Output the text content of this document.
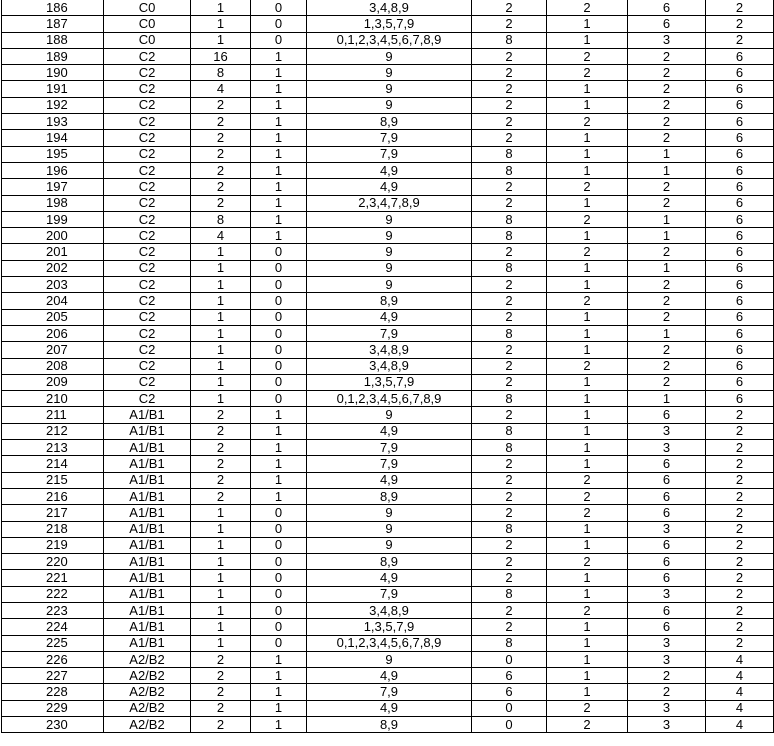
186	C0	1	0	3,4,8,9	2	2	6	2
187	C0	1	0	1,3,5,7,9	2	1	6	2
188	C0	1	0	0,1,2,3,4,5,6,7,8,9	8	1	3	2
189	C2	16	1	9	2	2	2	6
190	C2	8	1	9	2	2	2	6
191	C2	4	1	9	2	1	2	6
192	C2	2	1	9	2	1	2	6
193	C2	2	1	8,9	2	2	2	6
194	C2	2	1	7,9	2	1	2	6
195	C2	2	1	7,9	8	1	1	6
196	C2	2	1	4,9	8	1	1	6
197	C2	2	1	4,9	2	2	2	6
198	C2	2	1	2,3,4,7,8,9	2	1	2	6
199	C2	8	1	9	8	2	1	6
200	C2	4	1	9	8	1	1	6
201	C2	1	0	9	2	2	2	6
202	C2	1	0	9	8	1	1	6
203	C2	1	0	9	2	1	2	6
204	C2	1	0	8,9	2	2	2	6
205	C2	1	0	4,9	2	1	2	6
206	C2	1	0	7,9	8	1	1	6
207	C2	1	0	3,4,8,9	2	1	2	6
208	C2	1	0	3,4,8,9	2	2	2	6
209	C2	1	0	1,3,5,7,9	2	1	2	6
210	C2	1	0	0,1,2,3,4,5,6,7,8,9	8	1	1	6
211	A1/B1	2	1	9	2	1	6	2
212	A1/B1	2	1	4,9	8	1	3	2
213	A1/B1	2	1	7,9	8	1	3	2
214	A1/B1	2	1	7,9	2	1	6	2
215	A1/B1	2	1	4,9	2	2	6	2
216	A1/B1	2	1	8,9	2	2	6	2
217	A1/B1	1	0	9	2	2	6	2
218	A1/B1	1	0	9	8	1	3	2
219	A1/B1	1	0	9	2	1	6	2
220	A1/B1	1	0	8,9	2	2	6	2
221	A1/B1	1	0	4,9	2	1	6	2
222	A1/B1	1	0	7,9	8	1	3	2
223	A1/B1	1	0	3,4,8,9	2	2	6	2
224	A1/B1	1	0	1,3,5,7,9	2	1	6	2
225	A1/B1	1	0	0,1,2,3,4,5,6,7,8,9	8	1	3	2
226	A2/B2	2	1	9	0	1	3	4
227	A2/B2	2	1	4,9	6	1	2	4
228	A2/B2	2	1	7,9	6	1	2	4
229	A2/B2	2	1	4,9	0	2	3	4
230	A2/B2	2	1	8,9	0	2	3	4
